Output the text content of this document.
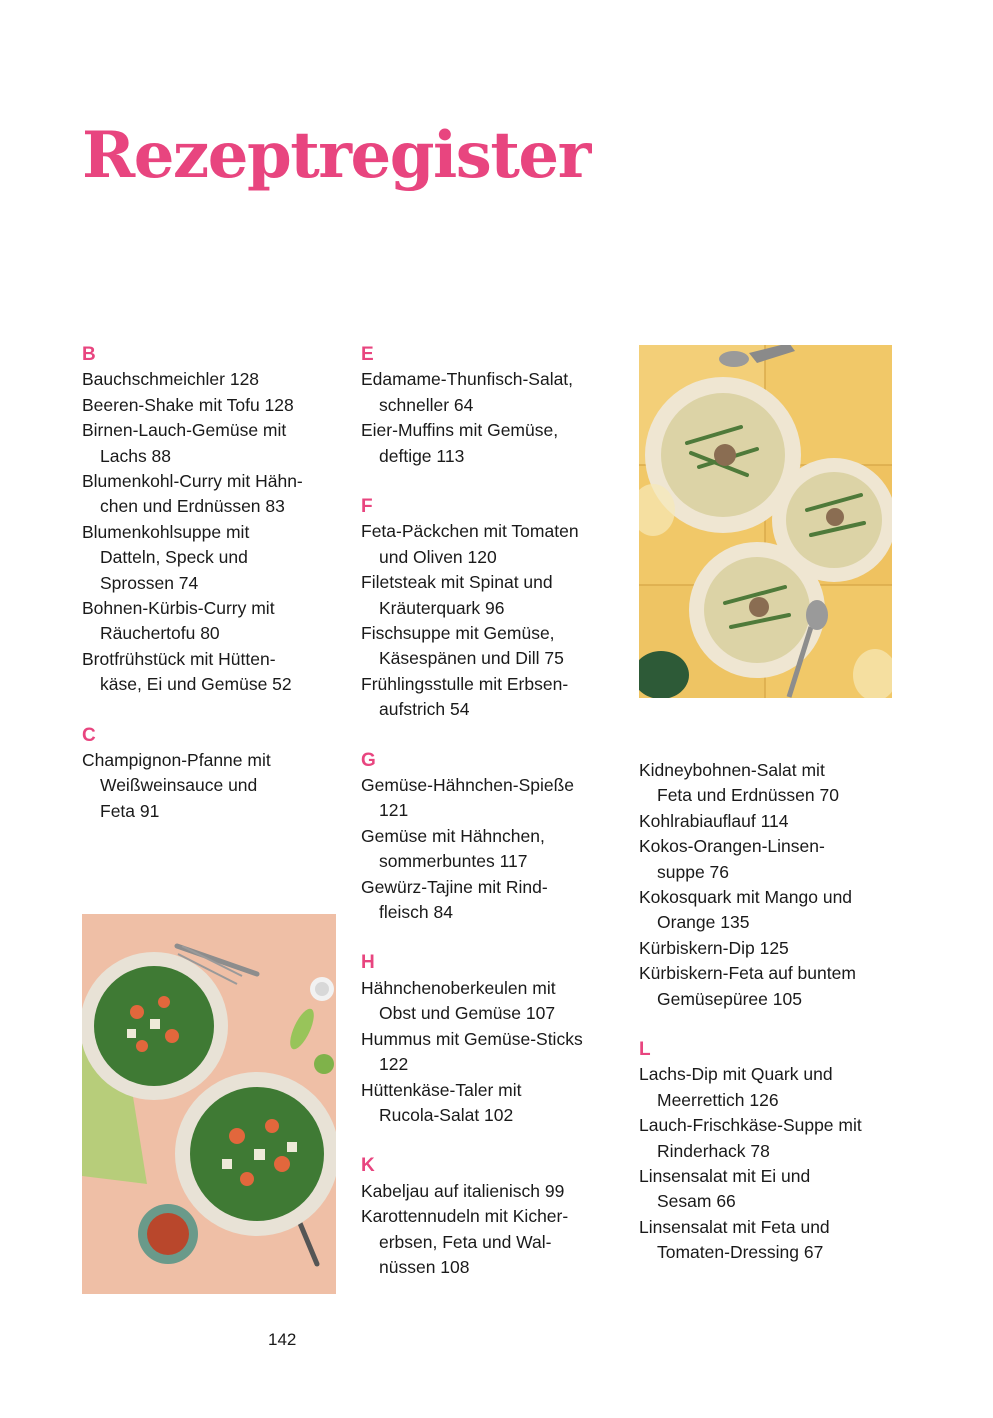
Rezeptregister
B
Bauchschmeichler 128
Beeren-Shake mit Tofu 128
Birnen-Lauch-Gemüse mit
Lachs 88
Blumenkohl-Curry mit Hähn-
chen und Erdnüssen 83
Blumenkohlsuppe mit
Datteln, Speck und
Sprossen 74
Bohnen-Kürbis-Curry mit
Räuchertofu 80
Brotfrühstück mit Hütten-
käse, Ei und Gemüse 52
C
Champignon-Pfanne mit
Weißweinsauce und
Feta 91
E
Edamame-Thunfisch-Salat,
schneller 64
Eier-Muffins mit Gemüse,
deftige 113
F
Feta-Päckchen mit Tomaten
und Oliven 120
Filetsteak mit Spinat und
Kräuterquark 96
Fischsuppe mit Gemüse,
Käsespänen und Dill 75
Frühlingsstulle mit Erbsen-
aufstrich 54
G
Gemüse-Hähnchen-Spieße
121
Gemüse mit Hähnchen,
sommerbuntes 117
Gewürz-Tajine mit Rind-
fleisch 84
H
Hähnchenoberkeulen mit
Obst und Gemüse 107
Hummus mit Gemüse-Sticks
122
Hüttenkäse-Taler mit
Rucola-Salat 102
K
Kabeljau auf italienisch 99
Karottennudeln mit Kicher-
erbsen, Feta und Wal-
nüssen 108
Kidneybohnen-Salat mit
Feta und Erdnüssen 70
Kohlrabiauflauf 114
Kokos-Orangen-Linsen-
suppe 76
Kokosquark mit Mango und
Orange 135
Kürbiskern-Dip 125
Kürbiskern-Feta auf buntem
Gemüsepüree 105
L
Lachs-Dip mit Quark und
Meerrettich 126
Lauch-Frischkäse-Suppe mit
Rinderhack 78
Linsensalat mit Ei und
Sesam 66
Linsensalat mit Feta und
Tomaten-Dressing 67
142
